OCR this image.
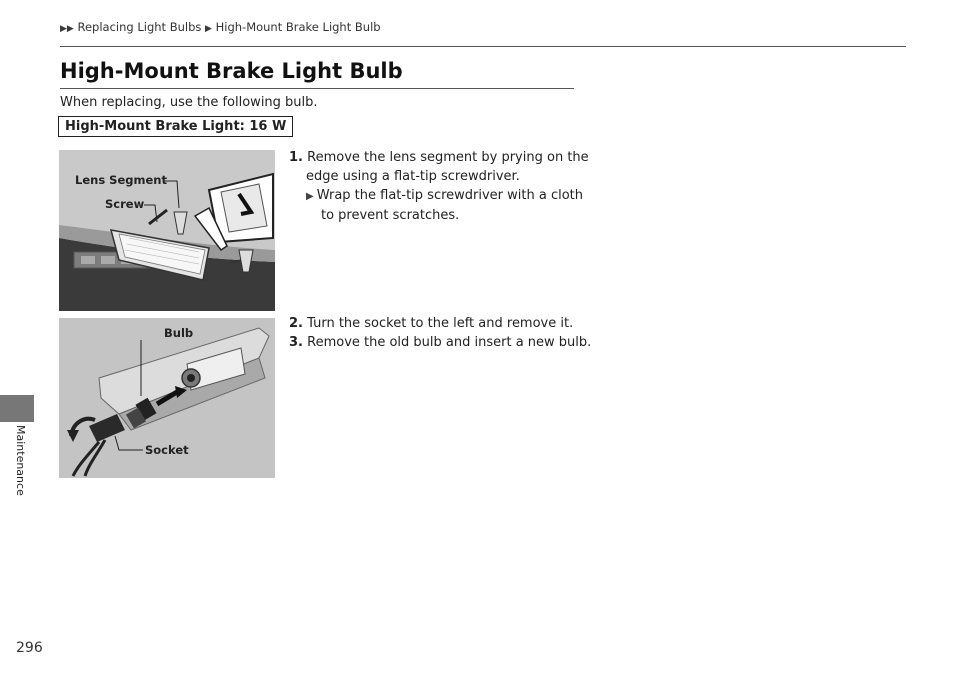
▶▶ Replacing Light Bulbs ▶ High-Mount Brake Light Bulb
High-Mount Brake Light Bulb
When replacing, use the following bulb.
High-Mount Brake Light: 16 W
Lens Segment
Screw
Bulb
Socket
1. Remove the lens segment by prying on the
edge using a flat-tip screwdriver.
▶ Wrap the flat-tip screwdriver with a cloth
to prevent scratches.
2. Turn the socket to the left and remove it.
3. Remove the old bulb and insert a new bulb.
Maintenance
296
